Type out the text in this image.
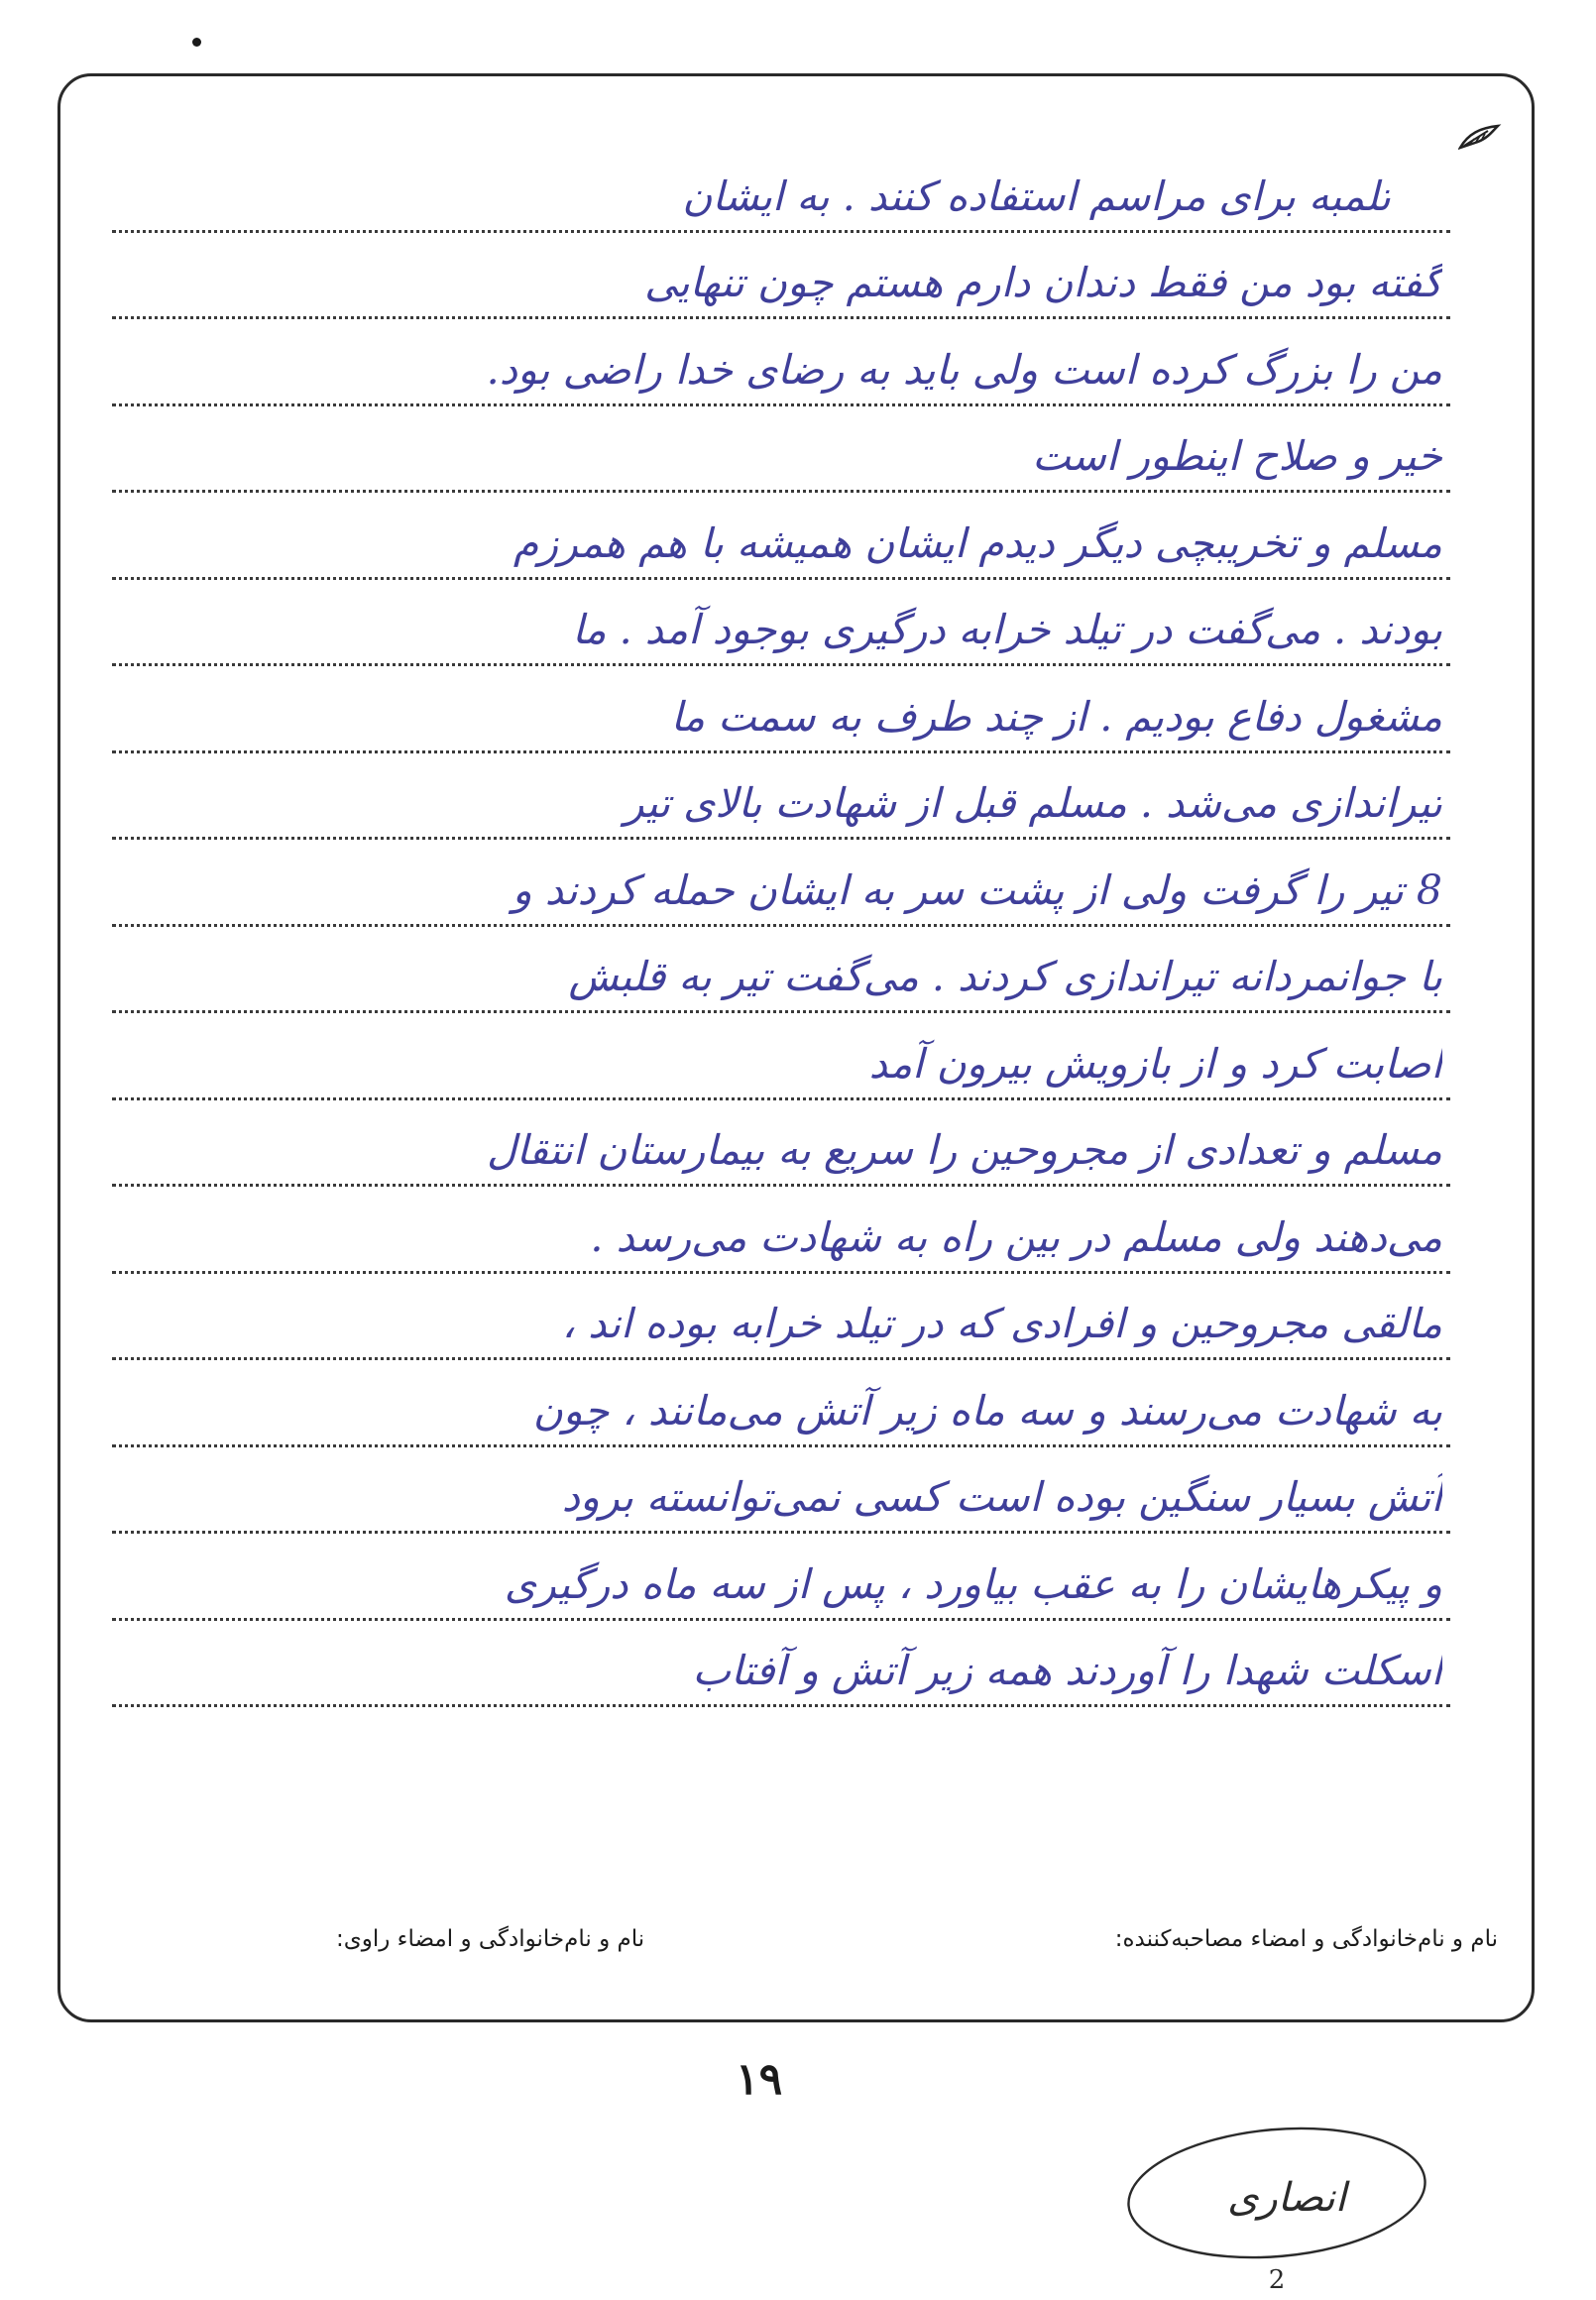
تلمبه برای مراسم استفاده کنند . به ایشان
گفته بود من فقط دندان دارم هستم چون تنهایی
من را بزرگ کرده است ولی باید به رضای خدا راضی بود.
خیر و صلاح اینطور است
مسلم و تخریبچی دیگر دیدم ایشان همیشه با هم همرزم
بودند . می‌گفت در تیلد خرابه درگیری بوجود آمد . ما
مشغول دفاع بودیم . از چند طرف به سمت ما
تیراندازی می‌شد . مسلم قبل از شهادت بالای تیر
8 تیر را گرفت ولی از پشت سر به ایشان حمله کردند و
با جوانمردانه تیراندازی کردند . می‌گفت تیر به قلبش
اصابت کرد و از بازویش بیرون آمد
مسلم و تعدادی از مجروحین را سریع به بیمارستان انتقال
می‌دهند ولی مسلم در بین راه به شهادت می‌رسد .
مالقی مجروحین و افرادی که در تیلد خرابه بوده اند ،
به شهادت می‌رسند و سه ماه زیر آتش می‌مانند ، چون
آتش بسیار سنگین بوده است کسی نمی‌توانسته برود
و پیکرهایشان را به عقب بیاورد ، پس از سه ماه درگیری
اسکلت شهدا را آوردند همه زیر آتش و آفتاب
نام و نام‌خانوادگی و امضاء مصاحبه‌کننده:
نام و نام‌خانوادگی و امضاء راوی:
۱۹
انصاری
2
